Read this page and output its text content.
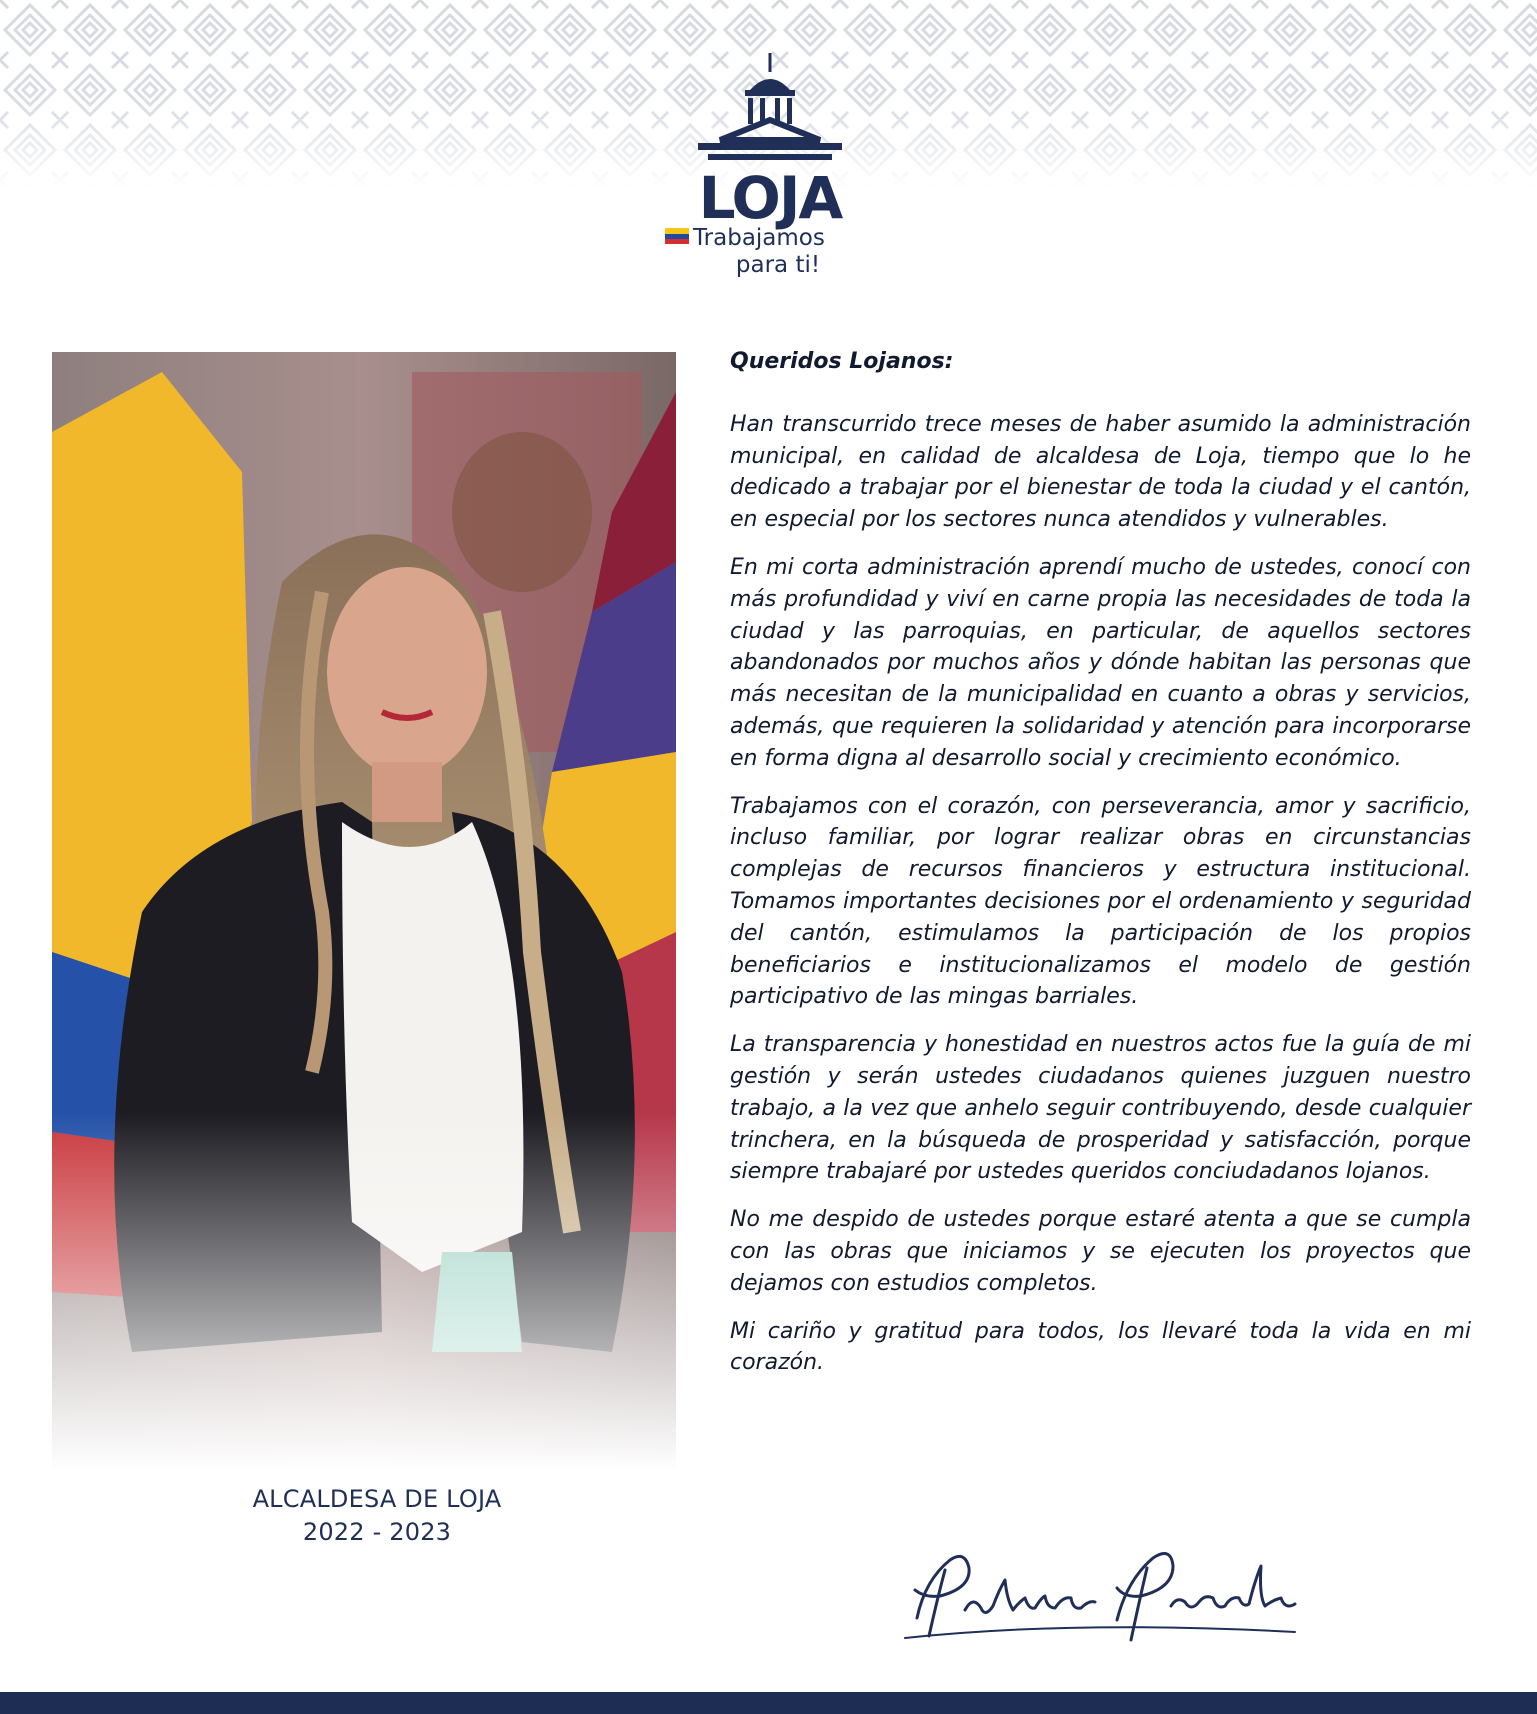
LOJA
Trabajamos
para ti!
ALCALDESA DE LOJA
2022 - 2023
Queridos Lojanos:

Han transcurrido trece meses de haber asumido la administración municipal, en calidad de alcaldesa de Loja, tiempo que lo he dedicado a trabajar por el bienestar de toda la ciudad y el cantón, en especial por los sectores nunca atendidos y vulnerables.

En mi corta administración aprendí mucho de ustedes, conocí con más profundidad y viví en carne propia las necesidades de toda la ciudad y las parroquias, en particular, de aquellos sectores abandonados por muchos años y dónde habitan las personas que más necesitan de la municipalidad en cuanto a obras y servicios, además, que requieren la solidaridad y atención para incorporarse en forma digna al desarrollo social y crecimiento económico.

Trabajamos con el corazón, con perseverancia, amor y sacrificio, incluso familiar, por lograr realizar obras en circunstancias complejas de recursos financieros y estructura institucional. Tomamos importantes decisiones por el ordenamiento y seguridad del cantón, estimulamos la participación de los propios beneficiarios e institucionalizamos el modelo de gestión participativo de las mingas barriales.

La transparencia y honestidad en nuestros actos fue la guía de mi gestión y serán ustedes ciudadanos quienes juzguen nuestro trabajo, a la vez que anhelo seguir contribuyendo, desde cualquier trinchera, en la búsqueda de prosperidad y satisfacción, porque siempre trabajaré por ustedes queridos conciudadanos lojanos.

No me despido de ustedes porque estaré atenta a que se cumpla con las obras que iniciamos y se ejecuten los proyectos que dejamos con estudios completos.

Mi cariño y gratitud para todos, los llevaré toda la vida en mi corazón.
